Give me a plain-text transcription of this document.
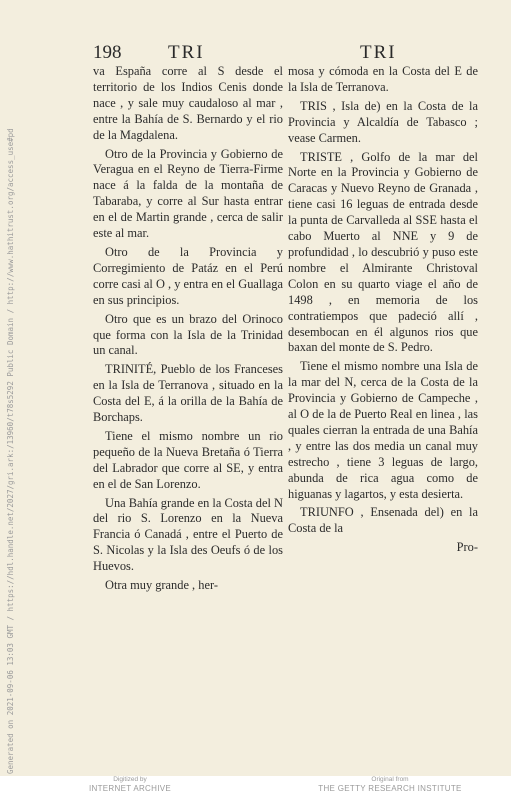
Generated on 2021-09-06 13:03 GMT / https://hdl.handle.net/2027/gri.ark:/13960/t78s5292 Public Domain / http://www.hathitrust.org/access_use#pd
198 TRI	TRI

va España corre al S desde el territorio de los Indios Cenis donde nace , y sale muy caudaloso al mar , entre la Bahía de S. Bernardo y el rio de la Magdalena.

Otro de la Provincia y Gobierno de Veragua en el Reyno de Tierra-Firme nace á la falda de la montaña de Tabaraba, y corre al Sur hasta entrar en el de Martin grande , cerca de salir este al mar.

Otro de la Provincia y Corregimiento de Patáz en el Perú corre casi al O , y entra en el Guallaga en sus principios.

Otro que es un brazo del Orinoco que forma con la Isla de la Trinidad un canal.

TRINITÉ, Pueblo de los Franceses en la Isla de Terranova , situado en la Costa del E, á la orilla de la Bahía de Borchaps.

Tiene el mismo nombre un rio pequeño de la Nueva Bretaña ó Tierra del Labrador que corre al SE, y entra en el de San Lorenzo.

Una Bahía grande en la Costa del N del rio S. Lorenzo en la Nueva Francia ó Canadá , entre el Puerto de S. Nicolas y la Isla des Oeufs ó de los Huevos.

Otra muy grande , her-

mosa y cómoda en la Costa del E de la Isla de Terranova.

TRIS , Isla de) en la Costa de la Provincia y Alcaldía de Tabasco ; vease Carmen.

TRISTE , Golfo de la mar del Norte en la Provincia y Gobierno de Caracas y Nuevo Reyno de Granada , tiene casi 16 leguas de entrada desde la punta de Carvalleda al SSE hasta el cabo Muerto al NNE y 9 de profundidad , lo descubrió y puso este nombre el Almirante Christoval Colon en su quarto viage el año de 1498 , en memoria de los contratiempos que padeció allí , desembocan en él algunos rios que baxan del monte de S. Pedro.

Tiene el mismo nombre una Isla de la mar del N, cerca de la Costa de la Provincia y Gobierno de Campeche , al O de la de Puerto Real en linea , las quales cierran la entrada de una Bahía , y entre las dos media un canal muy estrecho , tiene 3 leguas de largo, abunda de rica agua como de higuanas y lagartos, y esta desierta.

TRIUNFO , Ensenada del) en la Costa de la

Pro-

Digitized by
INTERNET ARCHIVE
Original from
THE GETTY RESEARCH INSTITUTE
